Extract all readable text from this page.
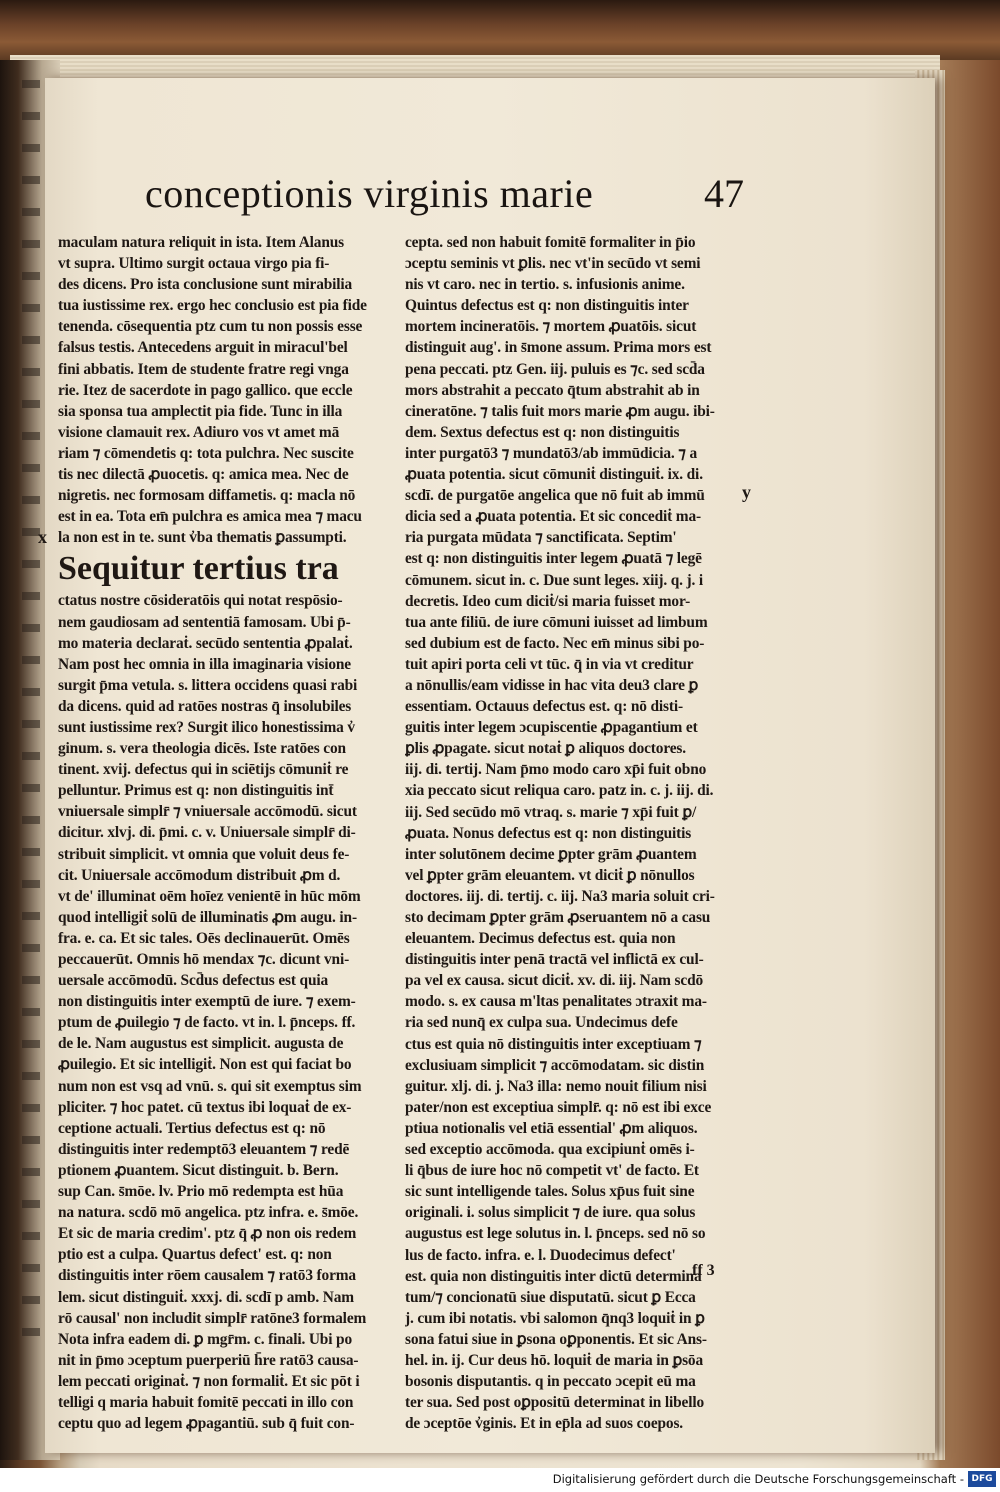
conceptionis virginis marie	47
x
y
maculam natura reliquit in ista. Item Alanus
vt supra. Ultimo surgit octaua virgo pia fi-
des dicens. Pro ista conclusione sunt mirabilia
tua iustissime rex. ergo hec conclusio est pia fide
tenenda. cōsequentia ptz cum tu non possis esse
falsus testis. Antecedens arguit in miracul'bel
fini abbatis. Item de studente fratre regi vnga
rie. Itez de sacerdote in pago gallico. que eccle
sia sponsa tua amplectit pia fide. Tunc in illa
visione clamauit rex. Adiuro vos vt amet mā
riam ⁊ cōmendetis q: tota pulchra. Nec suscite
tis nec dilectā ꝓuocetis. q: amica mea. Nec de
nigretis. nec formosam diffametis. q: macla nō
est in ea. Tota em̄ pulchra es amica mea ⁊ macu
la non est in te. sunt v̓ba thematis ꝑassumpti.
Sequitur tertius tra
ctatus nostre cōsideratōis qui notat respōsio-
nem gaudiosam ad sententiā famosam. Ubi p̄-
mo materia declaraṫ. secūdo sententia ꝓpalaṫ.
Nam post hec omnia in illa imaginaria visione
surgit p̄ma vetula. s. littera occidens quasi rabi
da dicens. quid ad ratōes nostras q̄ insolubiles
sunt iustissime rex? Surgit ilico honestissima v̓
ginum. s. vera theologia dicēs. Iste ratōes con
tinent. xvij. defectus qui in sciētijs cōmuniṫ re
pelluntur. Primus est q: non distinguitis int̄
vniuersale simplr̄ ⁊ vniuersale accōmodū. sicut
dicitur. xlvj. di. p̄mi. c. v. Uniuersale simplr̄ di-
stribuit simplicit. vt omnia que voluit deus fe-
cit. Uniuersale accōmodum distribuit ꝓm d.
vt de' illuminat oēm hoīez venientē in hūc mōm
quod intelligiṫ solū de illuminatis ꝓm augu. in-
fra. e. ca. Et sic tales. Oēs declinauerūt. Omēs
peccauerūt. Omnis hō mendax ⁊c. dicunt vni-
uersale accōmodū. Scd̄us defectus est quia
non distinguitis inter exemptū de iure. ⁊ exem-
ptum de ꝓuilegio ⁊ de facto. vt in. l. p̄nceps. ff.
de le. Nam augustus est simplicit. augusta de
ꝓuilegio. Et sic intelligiṫ. Non est qui faciat bo
num non est vsq ad vnū. s. qui sit exemptus sim
pliciter. ⁊ hoc patet. cū textus ibi loquaṫ de ex-
ceptione actuali. Tertius defectus est q: nō
distinguitis inter redemptō3 eleuantem ⁊ redē
ptionem ꝓuantem. Sicut distinguit. b. Bern.
sup Can. s̄mōe. lv. Prio mō redempta est hūa
na natura. scdō mō angelica. ptz infra. e. s̄mōe.
Et sic de maria credim'. ptz q̄ ꝓ non ois redem
ptio est a culpa. Quartus defect' est. q: non
distinguitis inter rōem causalem ⁊ ratō3 forma
lem. sicut distinguiṫ. xxxj. di. scdī p amb. Nam
rō causal' non includit simplr̄ ratōne3 formalem
Nota infra eadem di. ꝑ mgr̄m. c. finali. Ubi po
nit in p̄mo ɔceptum puerperiū h̄re ratō3 causa-
lem peccati originaṫ. ⁊ non formaliṫ. Et sic pōt i
telligi q maria habuit fomitē peccati in illo con
ceptu quo ad legem ꝓpagantiū. sub q̄ fuit con-
cepta. sed non habuit fomitē formaliter in p̄io
ɔceptu seminis vt ꝑlis. nec vt'in secūdo vt semi
nis vt caro. nec in tertio. s. infusionis anime.
Quintus defectus est q: non distinguitis inter
mortem incineratōis. ⁊ mortem ꝓuatōis. sicut
distinguit aug'. in s̄mone assum. Prima mors est
pena peccati. ptz Gen. iij. puluis es ⁊c. sed scd̄a
mors abstrahit a peccato q̄tum abstrahit ab in
cineratōne. ⁊ talis fuit mors marie ꝓm augu. ibi-
dem. Sextus defectus est q: non distinguitis
inter purgatō3 ⁊ mundatō3/ab immūdicia. ⁊ a
ꝓuata potentia. sicut cōmuniṫ distinguiṫ. ix. di.
scdī. de purgatōe angelica que nō fuit ab immū
dicia sed a ꝓuata potentia. Et sic concediṫ ma-
ria purgata mūdata ⁊ sanctificata. Septim'
est q: non distinguitis inter legem ꝓuatā ⁊ legē
cōmunem. sicut in. c. Due sunt leges. xiij. q. j. i
decretis. Ideo cum diciṫ/si maria fuisset mor-
tua ante filiū. de iure cōmuni iuisset ad limbum
sed dubium est de facto. Nec em̄ minus sibi po-
tuit apiri porta celi vt tūc. q̄ in via vt creditur
a nōnullis/eam vidisse in hac vita deu3 clare ꝑ
essentiam. Octauus defectus est. q: nō disti-
guitis inter legem ɔcupiscentie ꝓpagantium et
ꝑlis ꝓpagate. sicut notaṫ ꝑ aliquos doctores.
iij. di. tertij. Nam p̄mo modo caro xp̄i fuit obno
xia peccato sicut reliqua caro. patz in. c. j. iij. di.
iij. Sed secūdo mō vtraq. s. marie ⁊ xp̄i fuit ꝑ/
ꝓuata. Nonus defectus est q: non distinguitis
inter solutōnem decime ꝑpter grām ꝓuantem
vel ꝑpter grām eleuantem. vt diciṫ ꝑ nōnullos
doctores. iij. di. tertij. c. iij. Na3 maria soluit cri-
sto decimam ꝑpter grām ꝓseruantem nō a casu
eleuantem. Decimus defectus est. quia non
distinguitis inter penā tractā vel inflictā ex cul-
pa vel ex causa. sicut diciṫ. xv. di. iij. Nam scdō
modo. s. ex causa m'ltas penalitates ɔtraxit ma-
ria sed nunq̄ ex culpa sua. Undecimus defe
ctus est quia nō distinguitis inter exceptiuam ⁊
exclusiuam simplicit ⁊ accōmodatam. sic distin
guitur. xlj. di. j. Na3 illa: nemo nouit filium nisi
pater/non est exceptiua simplr̄. q: nō est ibi exce
ptiua notionalis vel etiā essential' ꝓm aliquos.
sed exceptio accōmoda. qua excipiunṫ omēs i-
li q̄bus de iure hoc nō competit vt' de facto. Et
sic sunt intelligende tales. Solus xp̄us fuit sine
originali. i. solus simplicit ⁊ de iure. qua solus
augustus est lege solutus in. l. p̄nceps. sed nō so
lus de facto. infra. e. l. Duodecimus defect'
est. quia non distinguitis inter dictū determina
tum/⁊ concionatū siue disputatū. sicut ꝑ Ecca
j. cum ibi notatis. vbi salomon q̄nq3 loquiṫ in ꝑ
sona fatui siue in ꝑsona oꝑponentis. Et sic Ans-
hel. in. ij. Cur deus hō. loquiṫ de maria in ꝑsōa
bosonis disputantis. q in peccato ɔcepit eū ma
ter sua. Sed post oꝑpositū determinat in libello
de ɔceptōe v̓ginis. Et in ep̄la ad suos coepos.
ff 3
Digitalisierung gefördert durch die Deutsche Forschungsgemeinschaft - DFG
